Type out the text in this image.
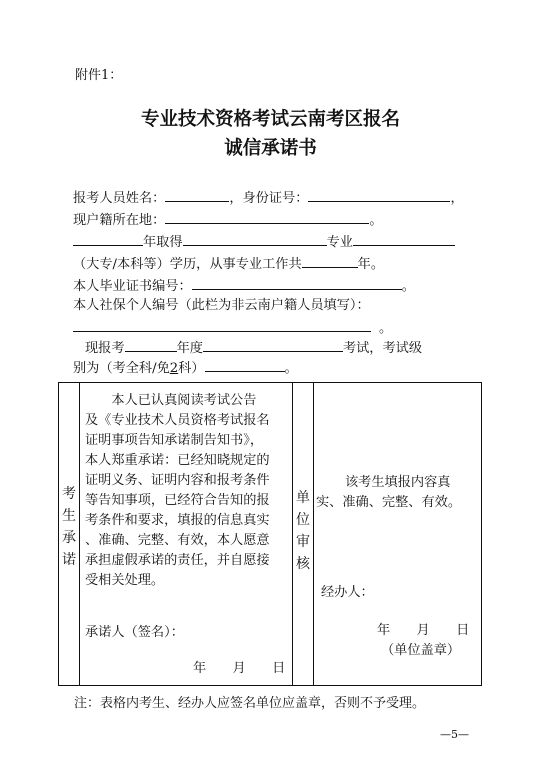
附件1：
专业技术资格考试云南考区报名
诚信承诺书
报考人员姓名：	，身份证号：	，
现户籍所在地：	。
年取得	专业
（大专/本科等）学历，从事专业工作共	年。
本人毕业证书编号：	。
本人社保个人编号（此栏为非云南户籍人员填写）：
。
现报考	年度	考试，考试级
别为（考全科/免2科）	。
考
生
承
诺
　　本人已认真阅读考试公告
及《专业技术人员资格考试报名
证明事项告知承诺制告知书》，
本人郑重承诺：已经知晓规定的
证明义务、证明内容和报考条件
等告知事项，已经符合告知的报
考条件和要求，填报的信息真实
、准确、完整、有效，本人愿意
承担虚假承诺的责任，并自愿接
受相关处理。
承诺人（签名）：
年　　月　　日
单
位
审
核
该考生填报内容真
实、准确、完整、有效。
经办人：
年　　月　　日
（单位盖章）
注：表格内考生、经办人应签名单位应盖章，否则不予受理。
—5—
